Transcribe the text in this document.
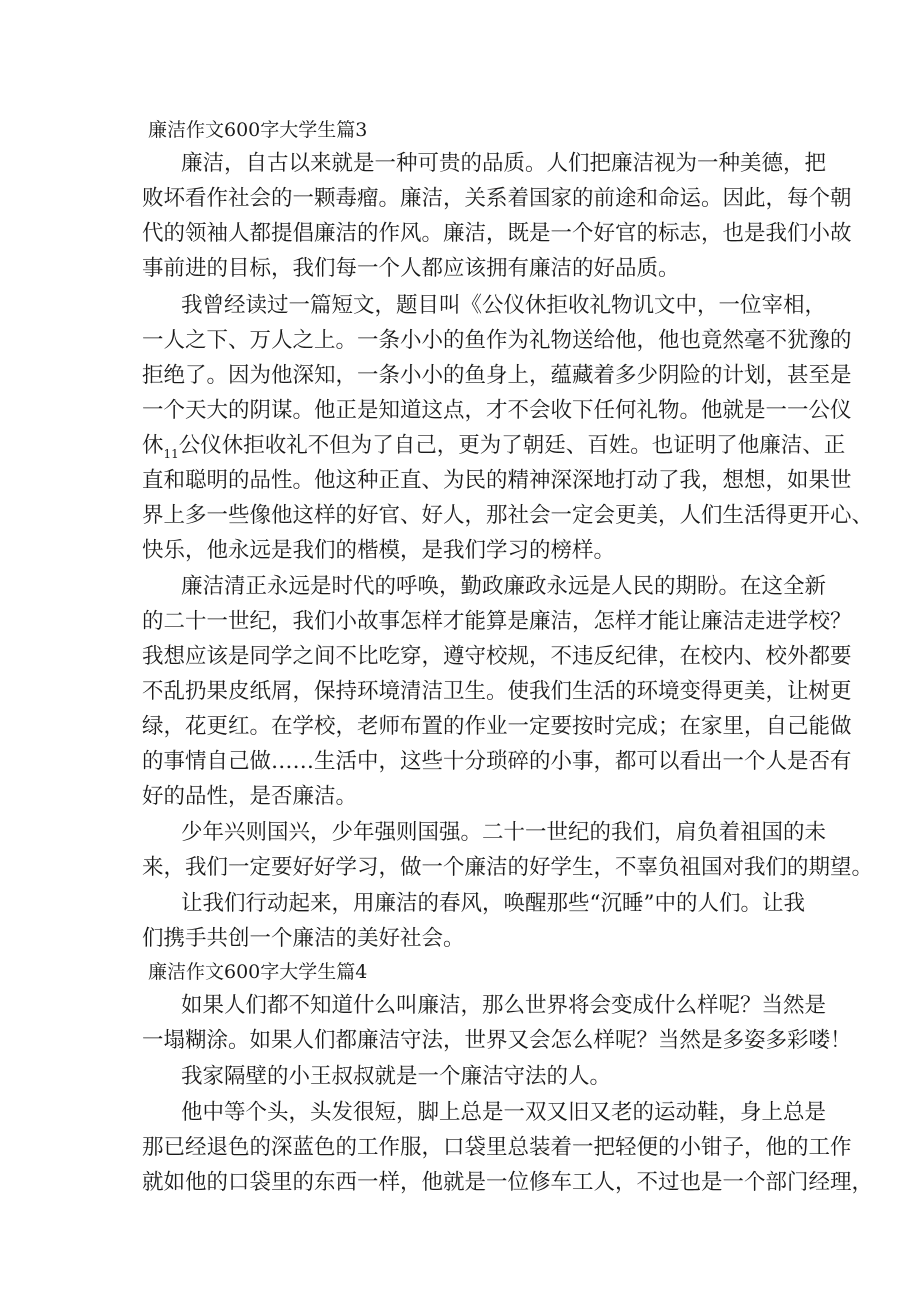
廉洁作文600字大学生篇3
廉洁，自古以来就是一种可贵的品质。人们把廉洁视为一种美德，把
败坏看作社会的一颗毒瘤。廉洁，关系着国家的前途和命运。因此，每个朝
代的领袖人都提倡廉洁的作风。廉洁，既是一个好官的标志，也是我们小故
事前进的目标，我们每一个人都应该拥有廉洁的好品质。
我曾经读过一篇短文，题目叫《公仪休拒收礼物讥文中，一位宰相，
一人之下、万人之上。一条小小的鱼作为礼物送给他，他也竟然毫不犹豫的
拒绝了。因为他深知，一条小小的鱼身上，蕴藏着多少阴险的计划，甚至是
一个天大的阴谋。他正是知道这点，才不会收下任何礼物。他就是一一公仪
休$_{11}$公仪休拒收礼不但为了自己，更为了朝廷、百姓。也证明了他廉洁、正
直和聪明的品性。他这种正直、为民的精神深深地打动了我，想想，如果世
界上多一些像他这样的好官、好人，那社会一定会更美，人们生活得更开心、
快乐，他永远是我们的楷模，是我们学习的榜样。
廉洁清正永远是时代的呼唤，勤政廉政永远是人民的期盼。在这全新
的二十一世纪，我们小故事怎样才能算是廉洁，怎样才能让廉洁走进学校？
我想应该是同学之间不比吃穿，遵守校规，不违反纪律，在校内、校外都要
不乱扔果皮纸屑，保持环境清洁卫生。使我们生活的环境变得更美，让树更
绿，花更红。在学校，老师布置的作业一定要按时完成；在家里，自己能做
的事情自己做……生活中，这些十分琐碎的小事，都可以看出一个人是否有
好的品性，是否廉洁。
少年兴则国兴，少年强则国强。二十一世纪的我们，肩负着祖国的未
来，我们一定要好好学习，做一个廉洁的好学生，不辜负祖国对我们的期望。
让我们行动起来，用廉洁的春风，唤醒那些“沉睡”中的人们。让我
们携手共创一个廉洁的美好社会。
廉洁作文600字大学生篇4
如果人们都不知道什么叫廉洁，那么世界将会变成什么样呢？当然是
一塌糊涂。如果人们都廉洁守法，世界又会怎么样呢？当然是多姿多彩喽！
我家隔壁的小王叔叔就是一个廉洁守法的人。
他中等个头，头发很短，脚上总是一双又旧又老的运动鞋，身上总是
那已经退色的深蓝色的工作服，口袋里总装着一把轻便的小钳子，他的工作
就如他的口袋里的东西一样，他就是一位修车工人，不过也是一个部门经理，
